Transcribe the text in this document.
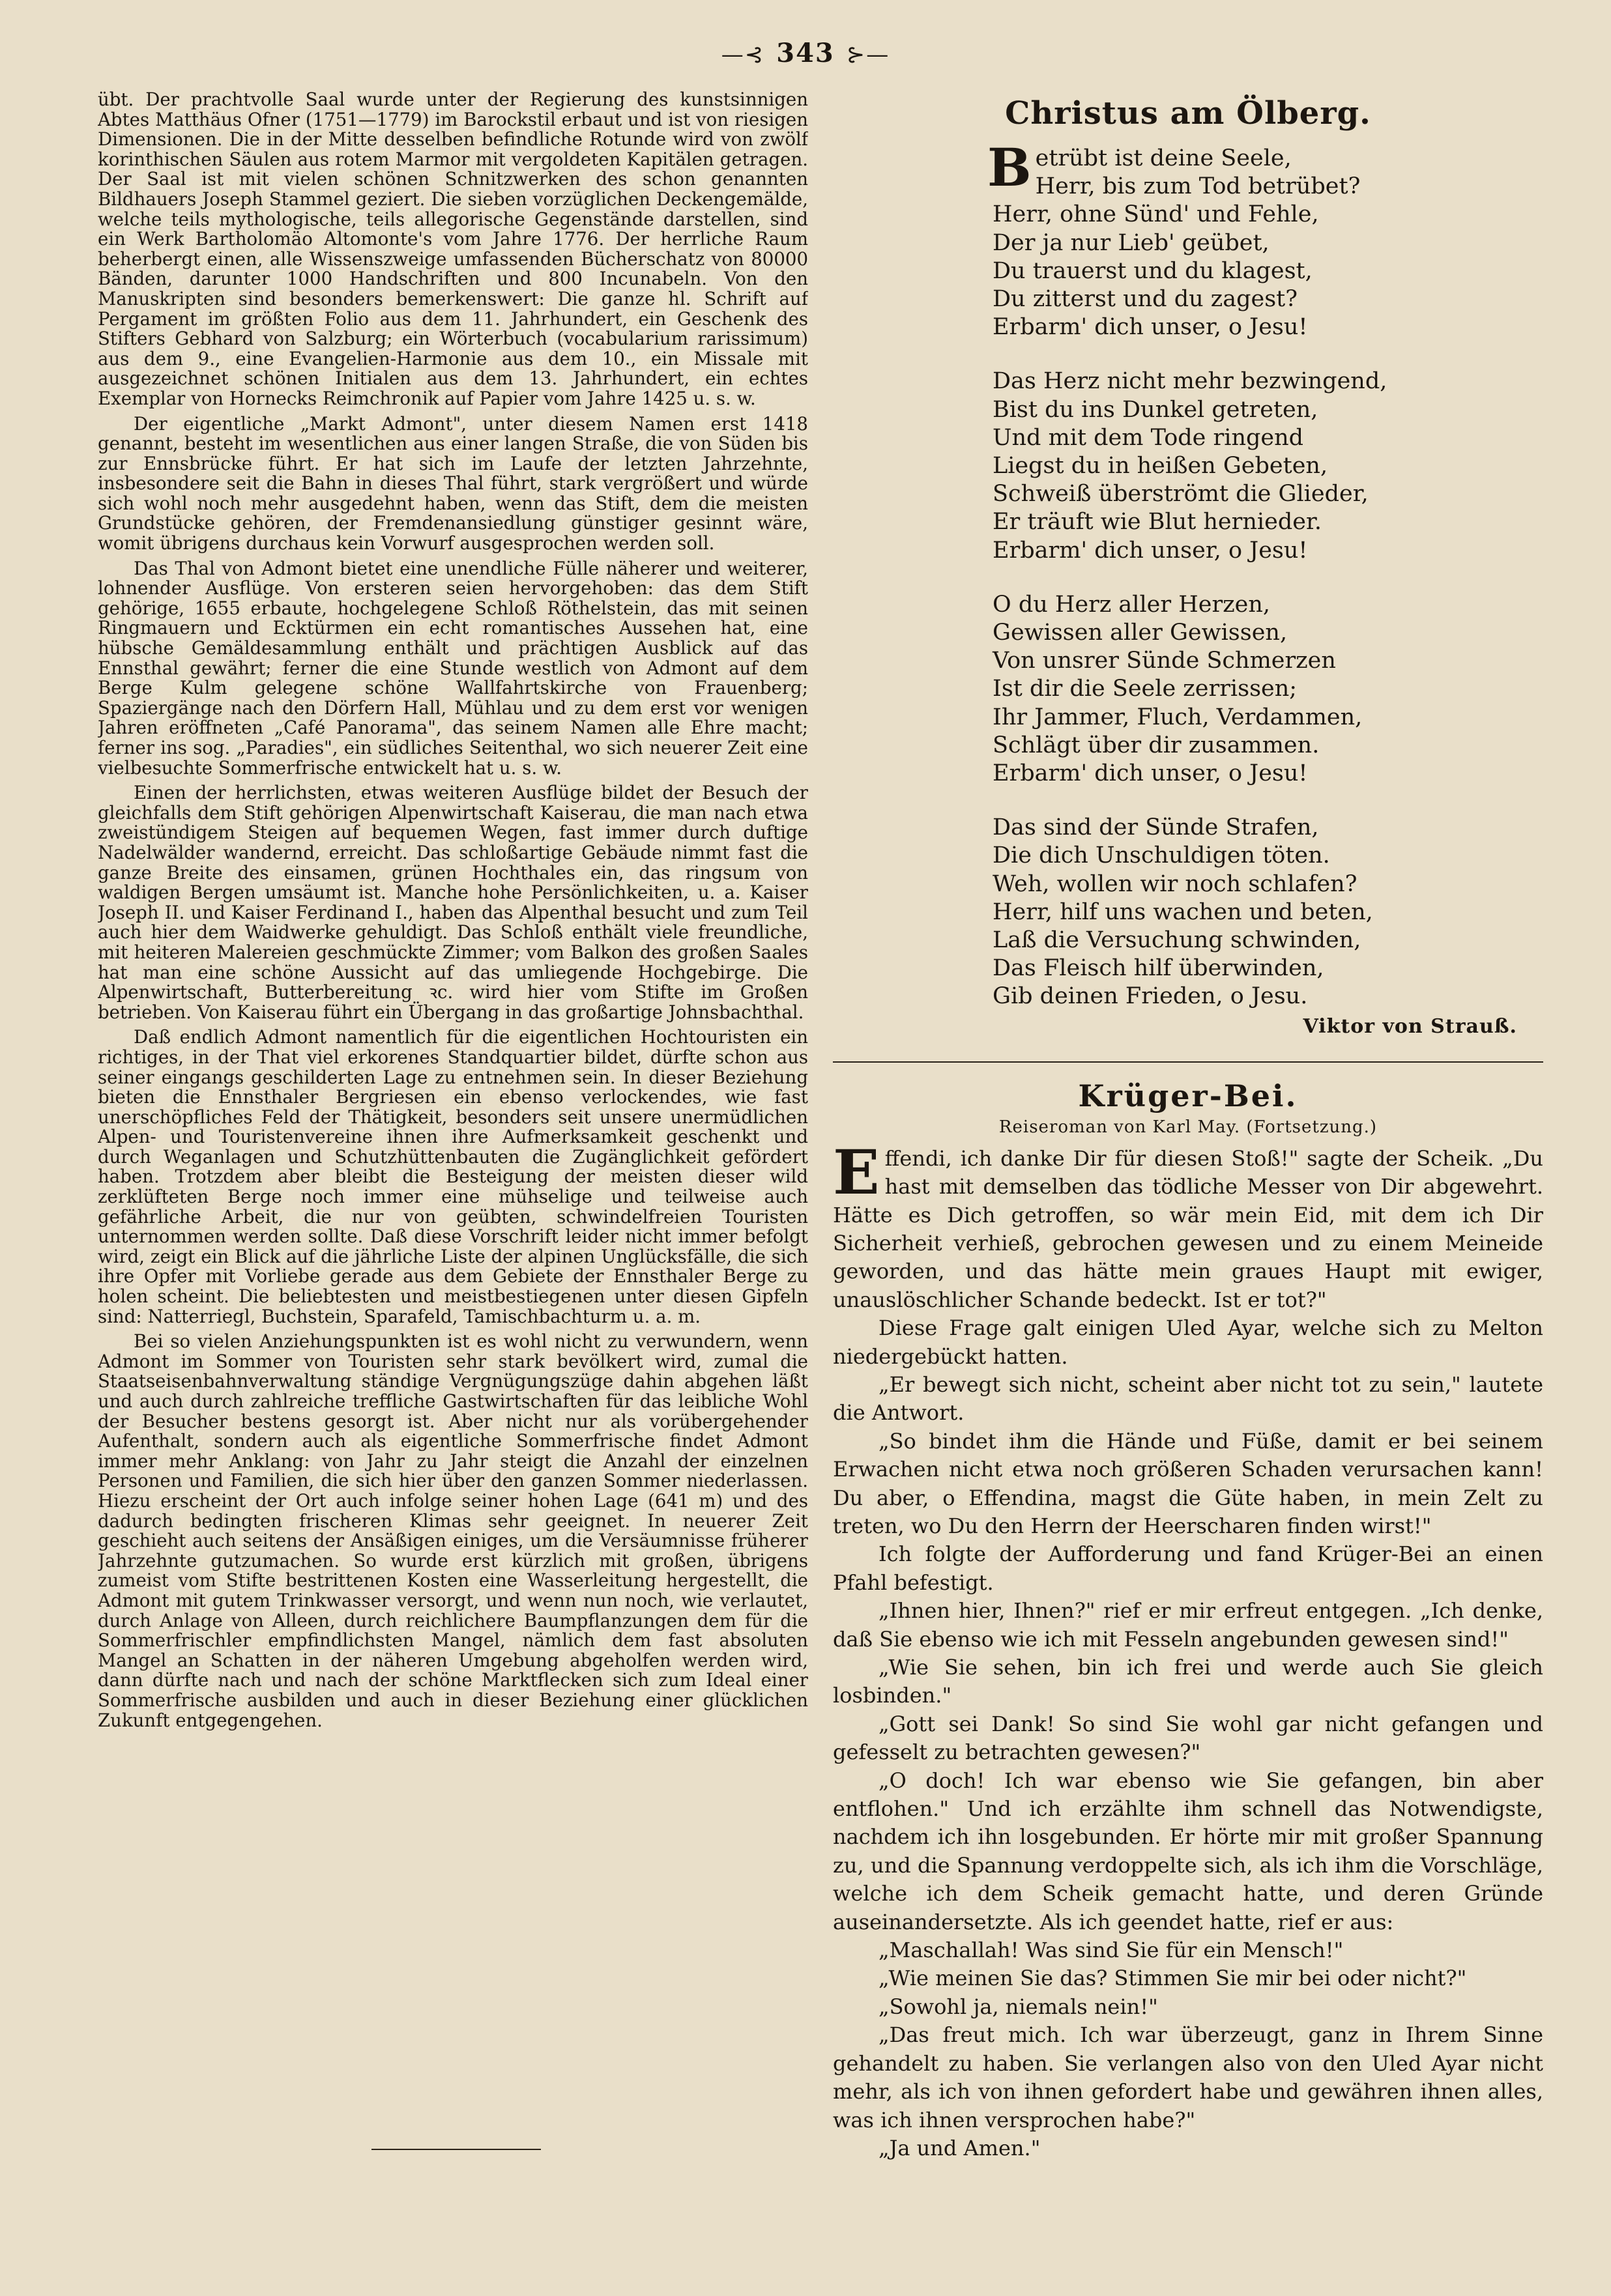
—⊰ 343 ⊱—

übt. Der prachtvolle Saal wurde unter der Regierung des kunstsinnigen Abtes Matthäus Ofner (1751—1779) im Barockstil erbaut und ist von riesigen Dimensionen. Die in der Mitte desselben befindliche Rotunde wird von zwölf korinthischen Säulen aus rotem Marmor mit vergoldeten Kapitälen getragen. Der Saal ist mit vielen schönen Schnitzwerken des schon genannten Bildhauers Joseph Stammel geziert. Die sieben vorzüglichen Deckengemälde, welche teils mythologische, teils allegorische Gegenstände darstellen, sind ein Werk Bartholomäo Altomonte's vom Jahre 1776. Der herrliche Raum beherbergt einen, alle Wissenszweige umfassenden Bücherschatz von 80000 Bänden, darunter 1000 Handschriften und 800 Incunabeln. Von den Manuskripten sind besonders bemerkenswert: Die ganze hl. Schrift auf Pergament im größten Folio aus dem 11. Jahrhundert, ein Geschenk des Stifters Gebhard von Salzburg; ein Wörterbuch (vocabularium rarissimum) aus dem 9., eine Evangelien-Harmonie aus dem 10., ein Missale mit ausgezeichnet schönen Initialen aus dem 13. Jahrhundert, ein echtes Exemplar von Hornecks Reimchronik auf Papier vom Jahre 1425 u. s. w.

Der eigentliche „Markt Admont", unter diesem Namen erst 1418 genannt, besteht im wesentlichen aus einer langen Straße, die von Süden bis zur Ennsbrücke führt. Er hat sich im Laufe der letzten Jahrzehnte, insbesondere seit die Bahn in dieses Thal führt, stark vergrößert und würde sich wohl noch mehr ausgedehnt haben, wenn das Stift, dem die meisten Grundstücke gehören, der Fremdenansiedlung günstiger gesinnt wäre, womit übrigens durchaus kein Vorwurf ausgesprochen werden soll.

Das Thal von Admont bietet eine unendliche Fülle näherer und weiterer, lohnender Ausflüge. Von ersteren seien hervorgehoben: das dem Stift gehörige, 1655 erbaute, hochgelegene Schloß Röthelstein, das mit seinen Ringmauern und Ecktürmen ein echt romantisches Aussehen hat, eine hübsche Gemäldesammlung enthält und prächtigen Ausblick auf das Ennsthal gewährt; ferner die eine Stunde westlich von Admont auf dem Berge Kulm gelegene schöne Wallfahrtskirche von Frauenberg; Spaziergänge nach den Dörfern Hall, Mühlau und zu dem erst vor wenigen Jahren eröffneten „Café Panorama", das seinem Namen alle Ehre macht; ferner ins sog. „Paradies", ein südliches Seitenthal, wo sich neuerer Zeit eine vielbesuchte Sommerfrische entwickelt hat u. s. w.

Einen der herrlichsten, etwas weiteren Ausflüge bildet der Besuch der gleichfalls dem Stift gehörigen Alpenwirtschaft Kaiserau, die man nach etwa zweistündigem Steigen auf bequemen Wegen, fast immer durch duftige Nadelwälder wandernd, erreicht. Das schloßartige Gebäude nimmt fast die ganze Breite des einsamen, grünen Hochthales ein, das ringsum von waldigen Bergen umsäumt ist. Manche hohe Persönlichkeiten, u. a. Kaiser Joseph II. und Kaiser Ferdinand I., haben das Alpenthal besucht und zum Teil auch hier dem Waidwerke gehuldigt. Das Schloß enthält viele freundliche, mit heiteren Malereien geschmückte Zimmer; vom Balkon des großen Saales hat man eine schöne Aussicht auf das umliegende Hochgebirge. Die Alpenwirtschaft, Butterbereitung ꝛc. wird hier vom Stifte im Großen betrieben. Von Kaiserau führt ein Übergang in das großartige Johnsbachthal.

Daß endlich Admont namentlich für die eigentlichen Hochtouristen ein richtiges, in der That viel erkorenes Standquartier bildet, dürfte schon aus seiner eingangs geschilderten Lage zu entnehmen sein. In dieser Beziehung bieten die Ennsthaler Bergriesen ein ebenso verlockendes, wie fast unerschöpfliches Feld der Thätigkeit, besonders seit unsere unermüdlichen Alpen- und Touristenvereine ihnen ihre Aufmerksamkeit geschenkt und durch Weganlagen und Schutzhüttenbauten die Zugänglichkeit gefördert haben. Trotzdem aber bleibt die Besteigung der meisten dieser wild zerklüfteten Berge noch immer eine mühselige und teilweise auch gefährliche Arbeit, die nur von geübten, schwindelfreien Touristen unternommen werden sollte. Daß diese Vorschrift leider nicht immer befolgt wird, zeigt ein Blick auf die jährliche Liste der alpinen Unglücksfälle, die sich ihre Opfer mit Vorliebe gerade aus dem Gebiete der Ennsthaler Berge zu holen scheint. Die beliebtesten und meistbestiegenen unter diesen Gipfeln sind: Natterriegl, Buchstein, Sparafeld, Tamischbachturm u. a. m.

Bei so vielen Anziehungspunkten ist es wohl nicht zu verwundern, wenn Admont im Sommer von Touristen sehr stark bevölkert wird, zumal die Staatseisenbahnverwaltung ständige Vergnügungszüge dahin abgehen läßt und auch durch zahlreiche treffliche Gastwirtschaften für das leibliche Wohl der Besucher bestens gesorgt ist. Aber nicht nur als vorübergehender Aufenthalt, sondern auch als eigentliche Sommerfrische findet Admont immer mehr Anklang: von Jahr zu Jahr steigt die Anzahl der einzelnen Personen und Familien, die sich hier über den ganzen Sommer niederlassen. Hiezu erscheint der Ort auch infolge seiner hohen Lage (641 m) und des dadurch bedingten frischeren Klimas sehr geeignet. In neuerer Zeit geschieht auch seitens der Ansäßigen einiges, um die Versäumnisse früherer Jahrzehnte gutzumachen. So wurde erst kürzlich mit großen, übrigens zumeist vom Stifte bestrittenen Kosten eine Wasserleitung hergestellt, die Admont mit gutem Trinkwasser versorgt, und wenn nun noch, wie verlautet, durch Anlage von Alleen, durch reichlichere Baumpflanzungen dem für die Sommerfrischler empfindlichsten Mangel, nämlich dem fast absoluten Mangel an Schatten in der näheren Umgebung abgeholfen werden wird, dann dürfte nach und nach der schöne Marktflecken sich zum Ideal einer Sommerfrische ausbilden und auch in dieser Beziehung einer glücklichen Zukunft entgegengehen.

Christus am Ölberg.
Betrübt ist deine Seele,
Herr, bis zum Tod betrübet?
Herr, ohne Sünd' und Fehle,
Der ja nur Lieb' geübet,
Du trauerst und du klagest,
Du zitterst und du zagest?
Erbarm' dich unser, o Jesu!
Das Herz nicht mehr bezwingend,
Bist du ins Dunkel getreten,
Und mit dem Tode ringend
Liegst du in heißen Gebeten,
Schweiß überströmt die Glieder,
Er träuft wie Blut hernieder.
Erbarm' dich unser, o Jesu!
O du Herz aller Herzen,
Gewissen aller Gewissen,
Von unsrer Sünde Schmerzen
Ist dir die Seele zerrissen;
Ihr Jammer, Fluch, Verdammen,
Schlägt über dir zusammen.
Erbarm' dich unser, o Jesu!
Das sind der Sünde Strafen,
Die dich Unschuldigen töten.
Weh, wollen wir noch schlafen?
Herr, hilf uns wachen und beten,
Laß die Versuchung schwinden,
Das Fleisch hilf überwinden,
Gib deinen Frieden, o Jesu.
Viktor von Strauß.
Krüger-Bei.
Reiseroman von Karl May. (Fortsetzung.)

Effendi, ich danke Dir für diesen Stoß!" sagte der Scheik. „Du hast mit demselben das tödliche Messer von Dir abgewehrt. Hätte es Dich getroffen, so wär mein Eid, mit dem ich Dir Sicherheit verhieß, gebrochen gewesen und zu einem Meineide geworden, und das hätte mein graues Haupt mit ewiger, unauslöschlicher Schande bedeckt. Ist er tot?"

Diese Frage galt einigen Uled Ayar, welche sich zu Melton niedergebückt hatten.

„Er bewegt sich nicht, scheint aber nicht tot zu sein," lautete die Antwort.

„So bindet ihm die Hände und Füße, damit er bei seinem Erwachen nicht etwa noch größeren Schaden verursachen kann! Du aber, o Effendina, magst die Güte haben, in mein Zelt zu treten, wo Du den Herrn der Heerscharen finden wirst!"

Ich folgte der Aufforderung und fand Krüger-Bei an einen Pfahl befestigt.

„Ihnen hier, Ihnen?" rief er mir erfreut entgegen. „Ich denke, daß Sie ebenso wie ich mit Fesseln angebunden gewesen sind!"

„Wie Sie sehen, bin ich frei und werde auch Sie gleich losbinden."

„Gott sei Dank! So sind Sie wohl gar nicht gefangen und gefesselt zu betrachten gewesen?"

„O doch! Ich war ebenso wie Sie gefangen, bin aber entflohen." Und ich erzählte ihm schnell das Notwendigste, nachdem ich ihn losgebunden. Er hörte mir mit großer Spannung zu, und die Spannung verdoppelte sich, als ich ihm die Vorschläge, welche ich dem Scheik gemacht hatte, und deren Gründe auseinandersetzte. Als ich geendet hatte, rief er aus:

„Maschallah! Was sind Sie für ein Mensch!"

„Wie meinen Sie das? Stimmen Sie mir bei oder nicht?"

„Sowohl ja, niemals nein!"

„Das freut mich. Ich war überzeugt, ganz in Ihrem Sinne gehandelt zu haben. Sie verlangen also von den Uled Ayar nicht mehr, als ich von ihnen gefordert habe und gewähren ihnen alles, was ich ihnen versprochen habe?"

„Ja und Amen."
